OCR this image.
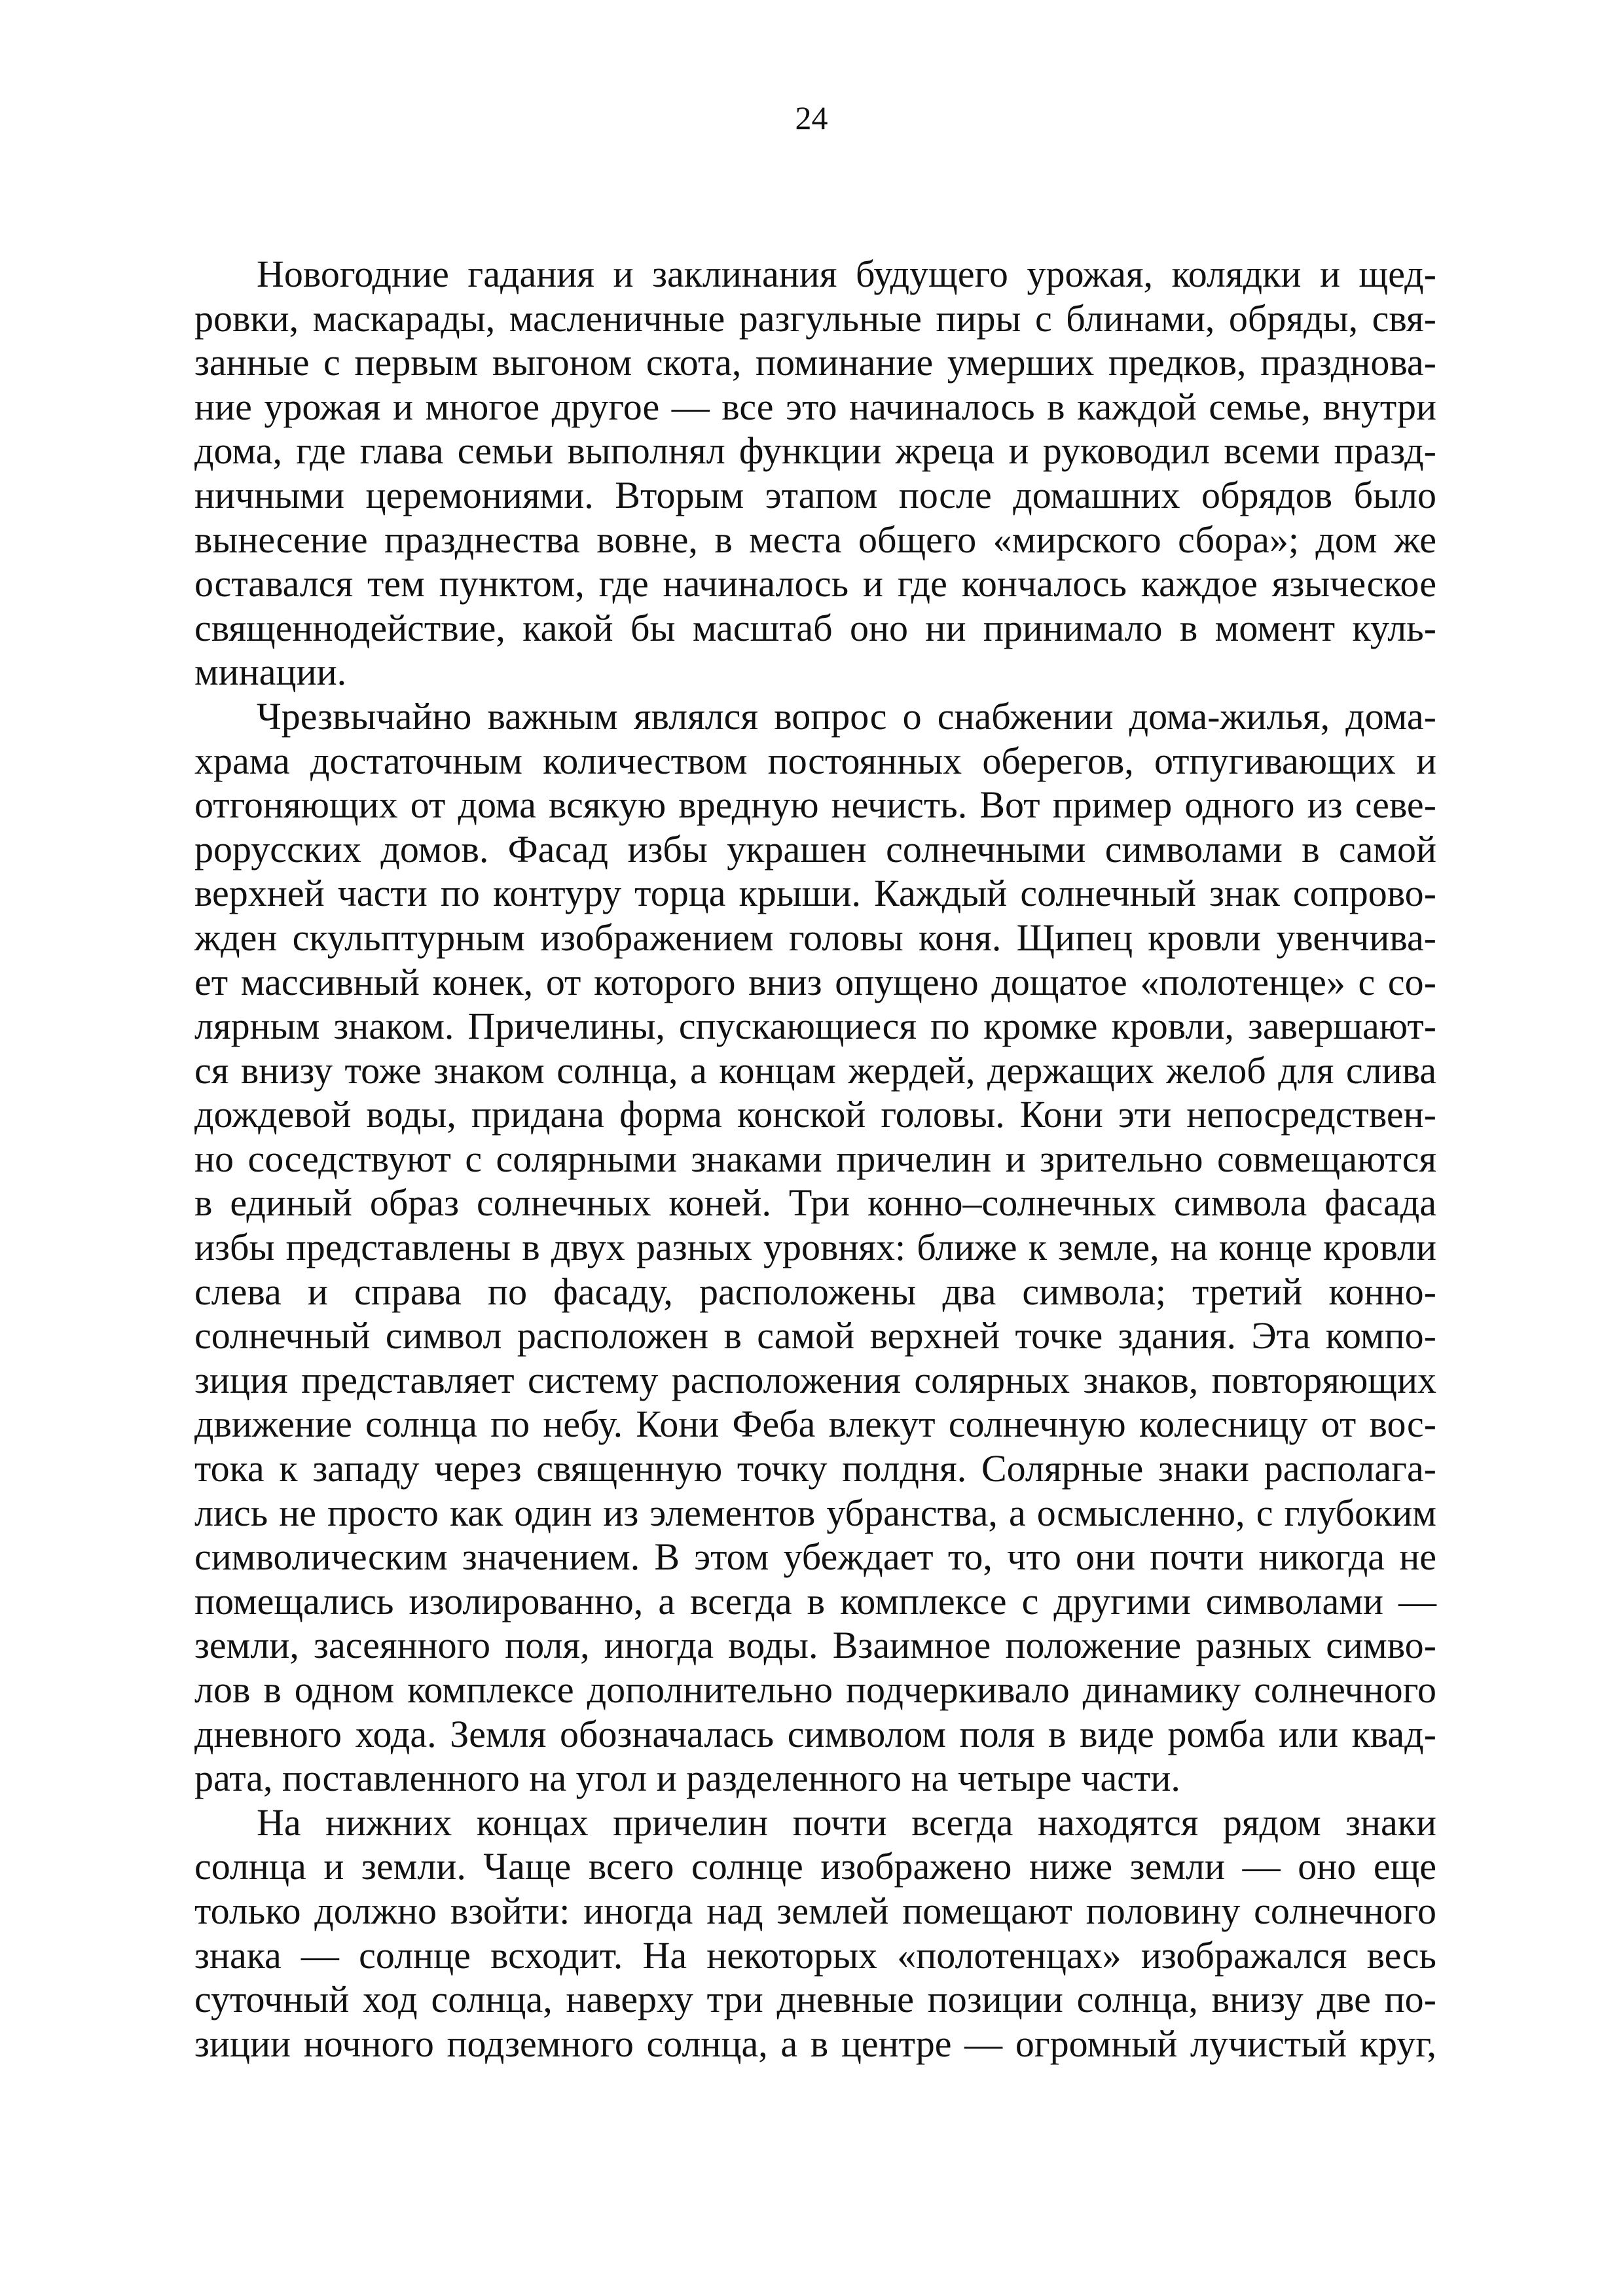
24
Новогодние гадания и заклинания будущего урожая, колядки и щед-
ровки, маскарады, масленичные разгульные пиры с блинами, обряды, свя-
занные с первым выгоном скота, поминание умерших предков, празднова-
ние урожая и многое другое — все это начиналось в каждой семье, внутри
дома, где глава семьи выполнял функции жреца и руководил всеми празд-
ничными церемониями. Вторым этапом после домашних обрядов было
вынесение празднества вовне, в места общего «мирского сбора»; дом же
оставался тем пунктом, где начиналось и где кончалось каждое языческое
священнодействие, какой бы масштаб оно ни принимало в момент куль-
минации.
Чрезвычайно важным являлся вопрос о снабжении дома-жилья, дома-
храма достаточным количеством постоянных оберегов, отпугивающих и
отгоняющих от дома всякую вредную нечисть. Вот пример одного из севе-
рорусских домов. Фасад избы украшен солнечными символами в самой
верхней части по контуру торца крыши. Каждый солнечный знак сопрово-
жден скульптурным изображением головы коня. Щипец кровли увенчива-
ет массивный конек, от которого вниз опущено дощатое «полотенце» с со-
лярным знаком. Причелины, спускающиеся по кромке кровли, завершают-
ся внизу тоже знаком солнца, а концам жердей, держащих желоб для слива
дождевой воды, придана форма конской головы. Кони эти непосредствен-
но соседствуют с солярными знаками причелин и зрительно совмещаются
в единый образ солнечных коней. Три конно–солнечных символа фасада
избы представлены в двух разных уровнях: ближе к земле, на конце кровли
слева и справа по фасаду, расположены два символа; третий конно-
солнечный символ расположен в самой верхней точке здания. Эта компо-
зиция представляет систему расположения солярных знаков, повторяющих
движение солнца по небу. Кони Феба влекут солнечную колесницу от вос-
тока к западу через священную точку полдня. Солярные знаки располага-
лись не просто как один из элементов убранства, а осмысленно, с глубоким
символическим значением. В этом убеждает то, что они почти никогда не
помещались изолированно, а всегда в комплексе с другими символами —
земли, засеянного поля, иногда воды. Взаимное положение разных симво-
лов в одном комплексе дополнительно подчеркивало динамику солнечного
дневного хода. Земля обозначалась символом поля в виде ромба или квад-
рата, поставленного на угол и разделенного на четыре части.
На нижних концах причелин почти всегда находятся рядом знаки
солнца и земли. Чаще всего солнце изображено ниже земли — оно еще
только должно взойти: иногда над землей помещают половину солнечного
знака — солнце всходит. На некоторых «полотенцах» изображался весь
суточный ход солнца, наверху три дневные позиции солнца, внизу две по-
зиции ночного подземного солнца, а в центре — огромный лучистый круг,
